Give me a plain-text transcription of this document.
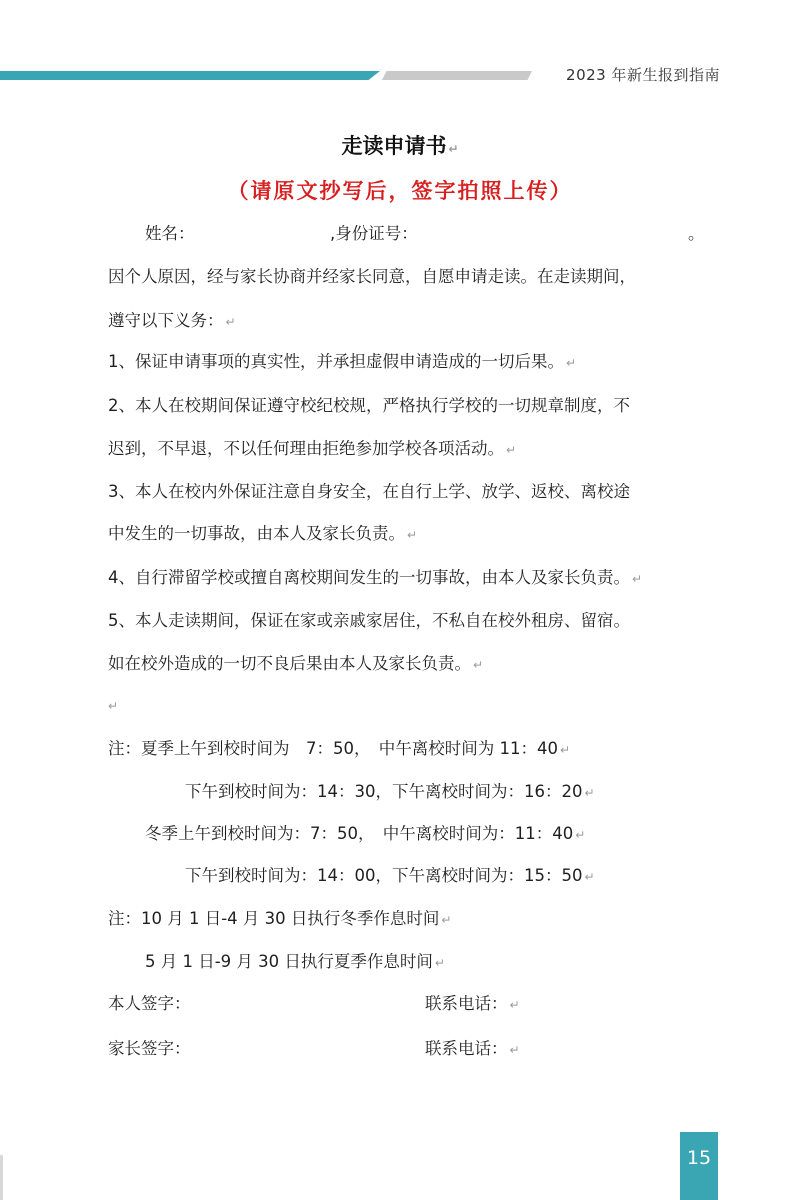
2023 年新生报到指南
走读申请书 ↵
（请原文抄写后，签字拍照上传）
姓名：	,身份证号：	。
因个人原因，经与家长协商并经家长同意，自愿申请走读。在走读期间，
遵守以下义务： ↵
1、保证申请事项的真实性，并承担虚假申请造成的一切后果。 ↵
2、本人在校期间保证遵守校纪校规，严格执行学校的一切规章制度，不
迟到，不早退，不以任何理由拒绝参加学校各项活动。 ↵
3、本人在校内外保证注意自身安全，在自行上学、放学、返校、离校途
中发生的一切事故，由本人及家长负责。 ↵
4、自行滞留学校或擅自离校期间发生的一切事故，由本人及家长负责。 ↵
5、本人走读期间，保证在家或亲戚家居住，不私自在校外租房、留宿。
如在校外造成的一切不良后果由本人及家长负责。 ↵
↵
注：夏季上午到校时间为　7：50，　中午离校时间为 11：40 ↵
下午到校时间为：14：30，下午离校时间为：16：20 ↵
冬季上午到校时间为：7：50，　中午离校时间为：11：40 ↵
下午到校时间为：14：00，下午离校时间为：15：50 ↵
注：10 月 1 日-4 月 30 日执行冬季作息时间 ↵
5 月 1 日-9 月 30 日执行夏季作息时间 ↵
本人签字：	联系电话： ↵
家长签字：	联系电话： ↵
15
